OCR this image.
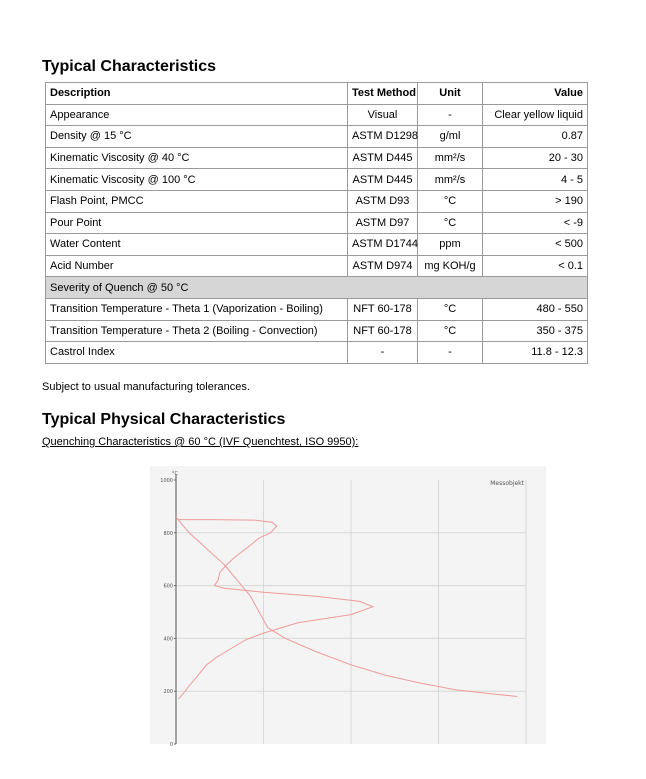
Typical Characteristics
Description	Test Method	Unit	Value
Appearance	Visual	-	Clear yellow liquid
Density @ 15 °C	ASTM D1298	g/ml	0.87
Kinematic Viscosity @ 40 °C	ASTM D445	mm²/s	20 - 30
Kinematic Viscosity @ 100 °C	ASTM D445	mm²/s	4 - 5
Flash Point, PMCC	ASTM D93	°C	> 190
Pour Point	ASTM D97	°C	< -9
Water Content	ASTM D1744	ppm	< 500
Acid Number	ASTM D974	mg KOH/g	< 0.1
Severity of Quench @ 50 °C			
Transition Temperature - Theta 1 (Vaporization - Boiling)	NFT 60-178	°C	480 - 550
Transition Temperature - Theta 2 (Boiling - Convection)	NFT 60-178	°C	350 - 375
Castrol Index	-	-	11.8 - 12.3

Subject to usual manufacturing tolerances.

Typical Physical Characteristics

Quenching Characteristics @ 60 °C (IVF Quenchtest, ISO 9950):

°C
1000
800
600
400
200
0
Messobjekt
